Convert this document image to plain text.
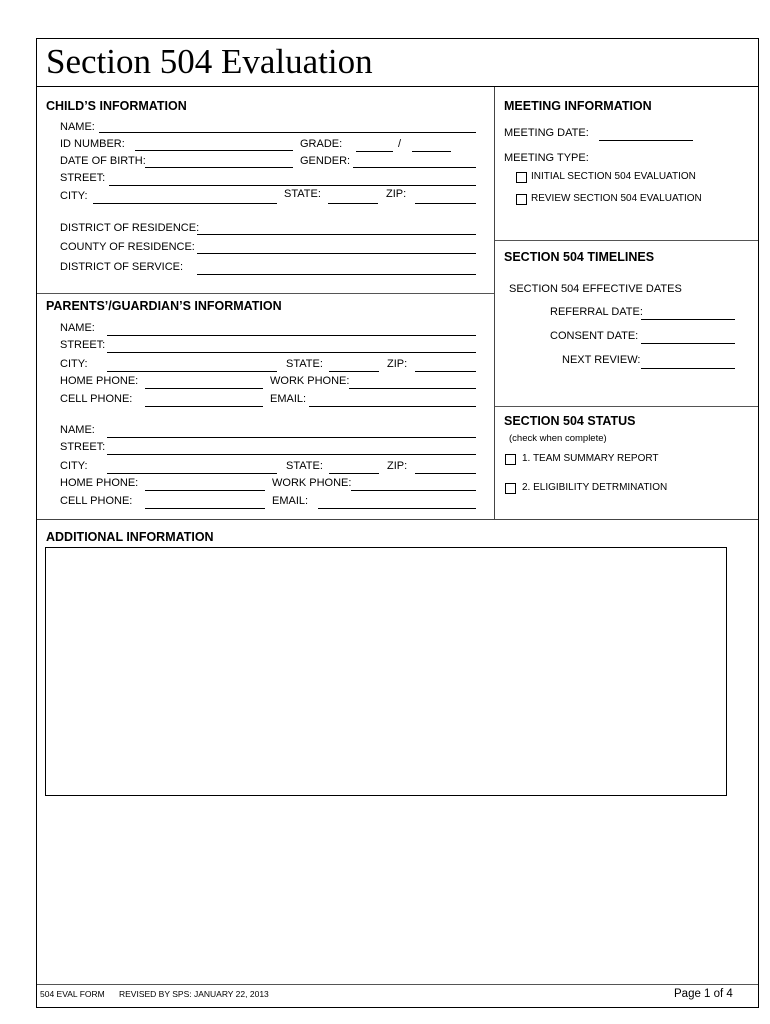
Section 504 Evaluation
CHILD’S INFORMATION
NAME:
ID NUMBER:	GRADE:	/
DATE OF BIRTH:	GENDER:
STREET:
CITY:	STATE:	ZIP:
DISTRICT OF RESIDENCE:
COUNTY OF RESIDENCE:
DISTRICT OF SERVICE:
PARENTS’/GUARDIAN’S INFORMATION
NAME:
STREET:
CITY:	STATE:	ZIP:
HOME PHONE:	WORK PHONE:
CELL PHONE:	EMAIL:
NAME:
STREET:
CITY:	STATE:	ZIP:
HOME PHONE:	WORK PHONE:
CELL PHONE:	EMAIL:
MEETING INFORMATION
MEETING DATE:
MEETING TYPE:
INITIAL SECTION 504 EVALUATION
REVIEW SECTION 504 EVALUATION
SECTION 504 TIMELINES
SECTION 504 EFFECTIVE DATES
REFERRAL DATE:
CONSENT DATE:
NEXT REVIEW:
SECTION 504 STATUS
(check when complete)
1. TEAM SUMMARY REPORT
2. ELIGIBILITY DETRMINATION
ADDITIONAL INFORMATION
504 EVAL FORM REVISED BY SPS: JANUARY 22, 2013	Page 1 of 4
